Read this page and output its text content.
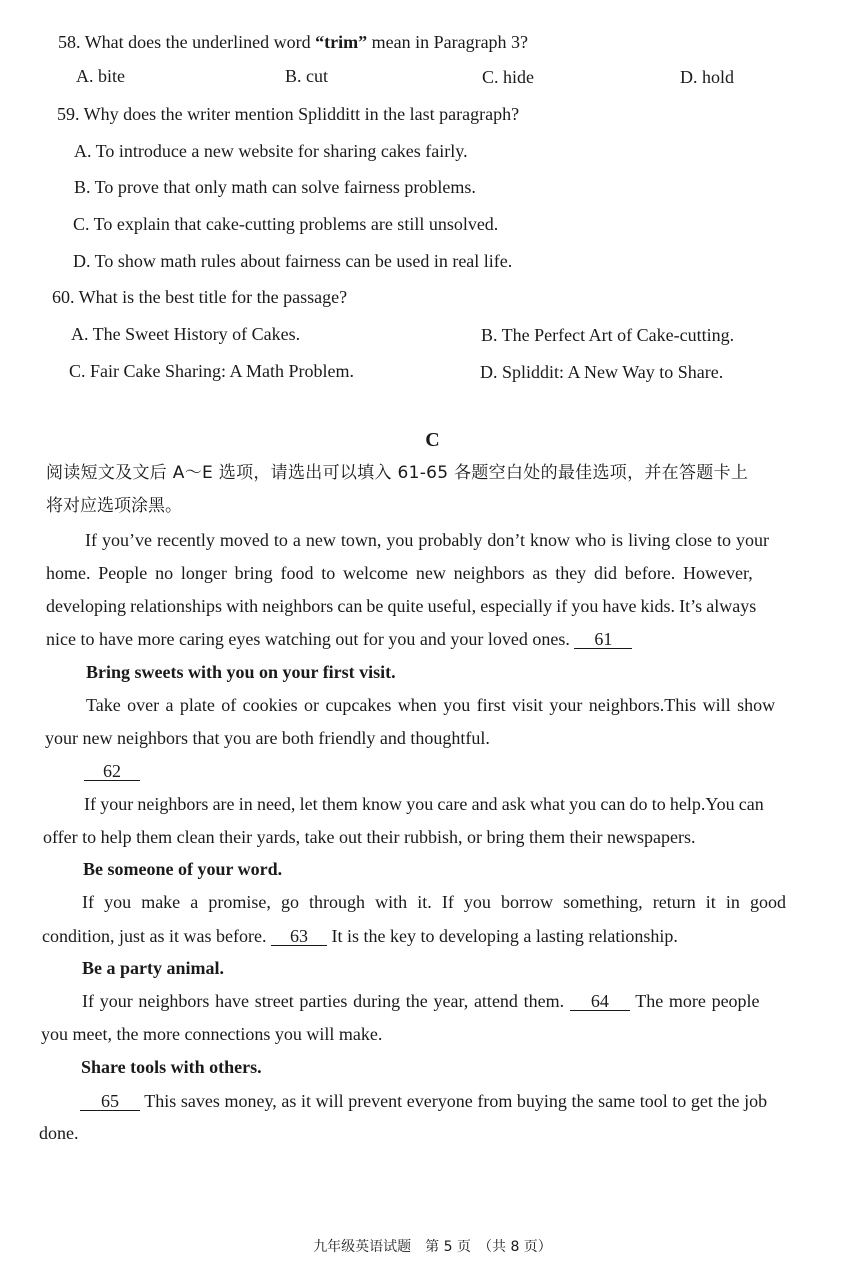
58. What does the underlined word “trim” mean in Paragraph 3?
A. bite	B. cut	C. hide	D. hold
59. Why does the writer mention Splidditt in the last paragraph?
A. To introduce a new website for sharing cakes fairly.
B. To prove that only math can solve fairness problems.
C. To explain that cake-cutting problems are still unsolved.
D. To show math rules about fairness can be used in real life.
60. What is the best title for the passage?
A. The Sweet History of Cakes.	B. The Perfect Art of Cake-cutting.
C. Fair Cake Sharing: A Math Problem.	D. Spliddit: A New Way to Share.
C
阅读短文及文后 A～E 选项，请选出可以填入 61-65 各题空白处的最佳选项，并在答题卡上
将对应选项涂黑。
If you’ve recently moved to a new town, you probably don’t know who is living close to your
home. People no longer bring food to welcome new neighbors as they did before. However,
developing relationships with neighbors can be quite useful, especially if you have kids. It’s always
nice to have more caring eyes watching out for you and your loved ones. 61
Bring sweets with you on your first visit.
Take over a plate of cookies or cupcakes when you first visit your neighbors.This will show
your new neighbors that you are both friendly and thoughtful.
62
If your neighbors are in need, let them know you care and ask what you can do to help.You can
offer to help them clean their yards, take out their rubbish, or bring them their newspapers.
Be someone of your word.
If you make a promise, go through with it. If you borrow something, return it in good
condition, just as it was before. 63 It is the key to developing a lasting relationship.
Be a party animal.
If your neighbors have street parties during the year, attend them. 64 The more people
you meet, the more connections you will make.
Share tools with others.
65 This saves money, as it will prevent everyone from buying the same tool to get the job
done.
九年级英语试题　第 5 页　（共 8 页）
